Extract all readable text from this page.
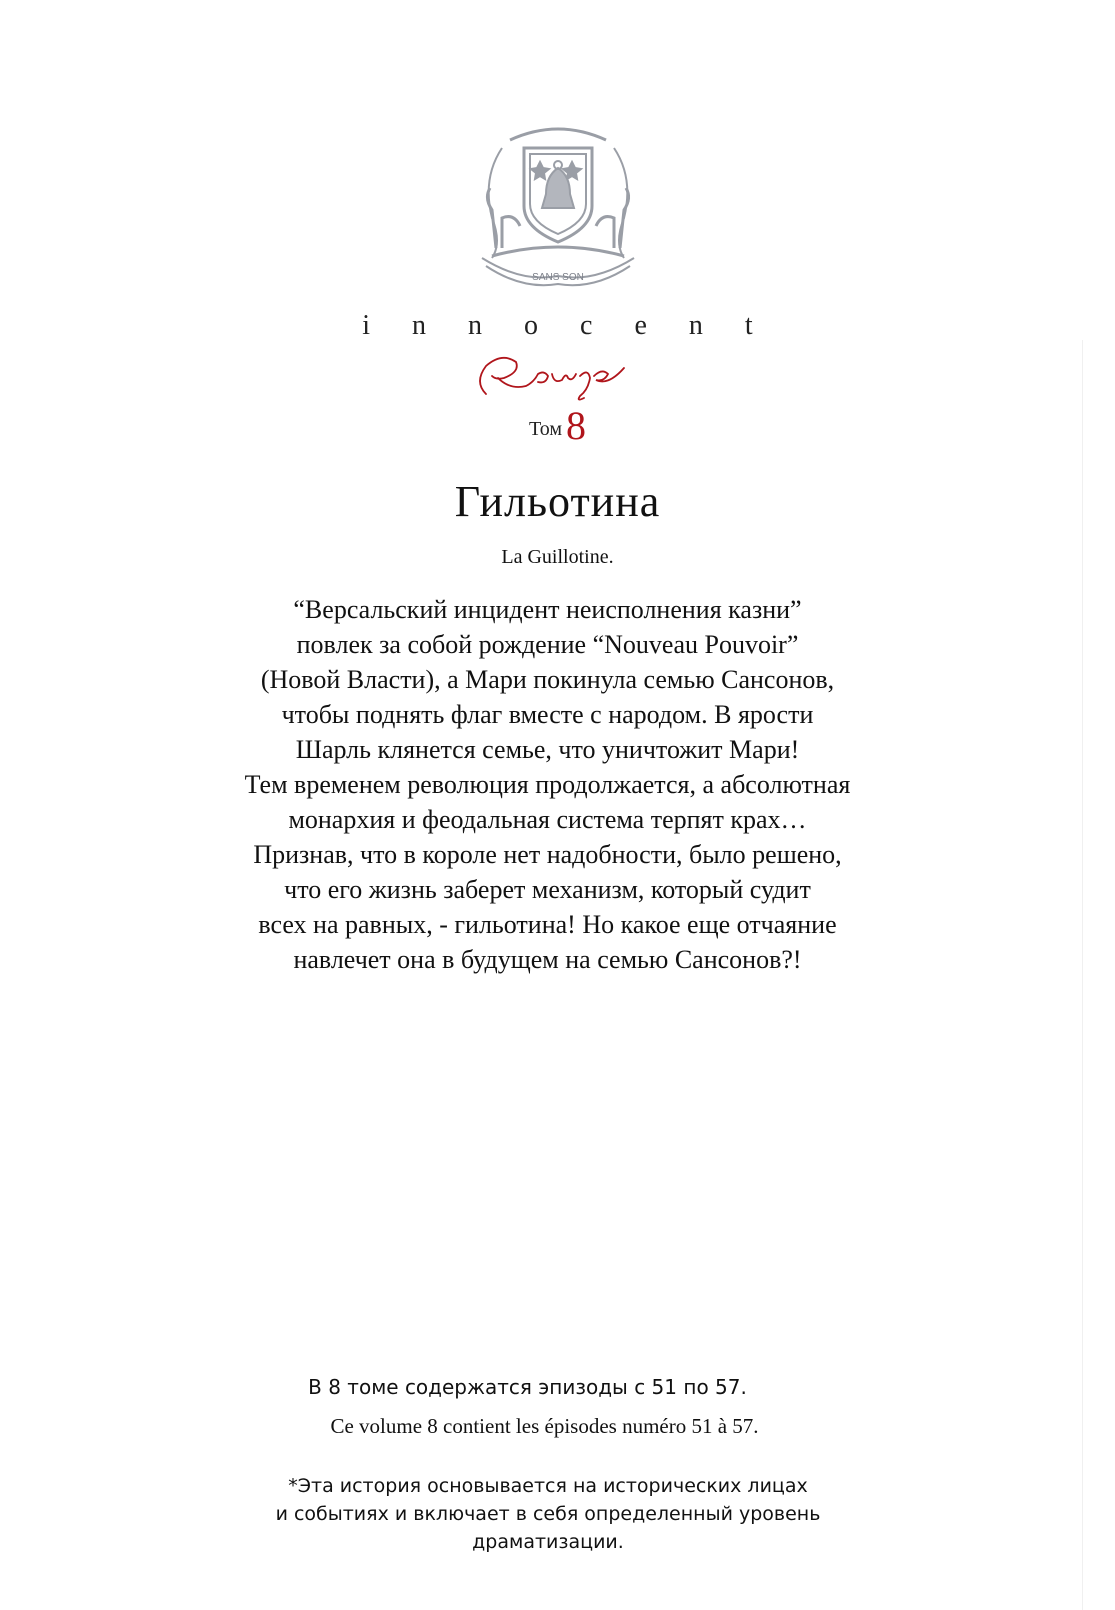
SANS SON
innocent
Том 8
Гильотина
La Guillotine.
“Версальский инцидент неисполнения казни”
повлек за собой рождение “Nouveau Pouvoir”
(Новой Власти), а Мари покинула семью Сансонов,
чтобы поднять флаг вместе с народом. В ярости
Шарль клянется семье, что уничтожит Мари!
Тем временем революция продолжается, а абсолютная
монархия и феодальная система терпят крах…
Признав, что в короле нет надобности, было решено,
что его жизнь заберет механизм, который судит
всех на равных, - гильотина! Но какое еще отчаяние
навлечет она в будущем на семью Сансонов?!
В 8 томе содержатся эпизоды с 51 по 57.
Ce volume 8 contient les épisodes numéro 51 à 57.
*Эта история основывается на исторических лицах
и событиях и включает в себя определенный уровень
драматизации.
